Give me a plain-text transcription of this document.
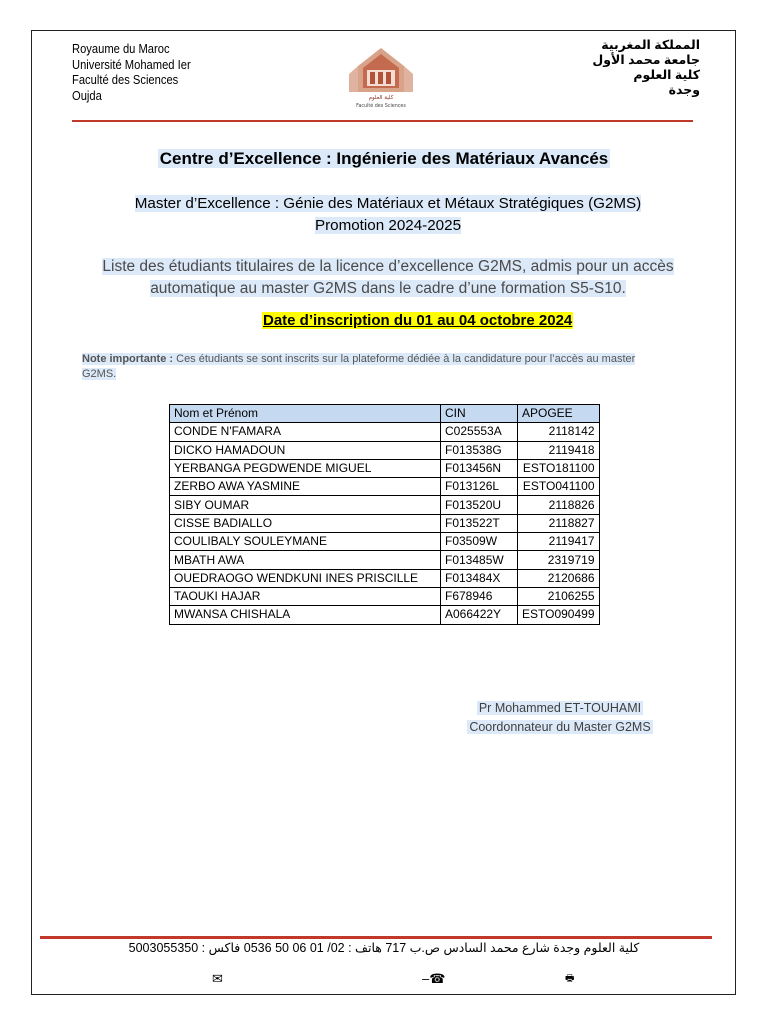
Royaume du Maroc
Université Mohamed Ier
Faculté des Sciences
Oujda	كلية العلوم
Faculté des Sciences
المملكة المغربية
جامعة محمد الأول
كلية العلوم
وجدة
Centre d’Excellence : Ingénierie des Matériaux Avancés
Master d’Excellence : Génie des Matériaux et Métaux Stratégiques (G2MS)
Promotion 2024-2025
Liste des étudiants titulaires de la licence d’excellence G2MS, admis pour un accès
automatique au master G2MS dans le cadre d’une formation S5-S10.
Date d’inscription du 01 au 04 octobre 2024
Note importante : Ces étudiants se sont inscrits sur la plateforme dédiée à la candidature pour l’accès au master
G2MS.
Nom et Prénom	CIN	APOGEE
CONDE N'FAMARA	C025553A	2118142
DICKO HAMADOUN	F013538G	2119418
YERBANGA PEGDWENDE MIGUEL	F013456N	ESTO181100
ZERBO AWA YASMINE	F013126L	ESTO041100
SIBY OUMAR	F013520U	2118826
CISSE BADIALLO	F013522T	2118827
COULIBALY SOULEYMANE	F03509W	2119417
MBATH AWA	F013485W	2319719
OUEDRAOGO WENDKUNI INES PRISCILLE	F013484X	2120686
TAOUKI HAJAR	F678946	2106255
MWANSA CHISHALA	A066422Y	ESTO090499
Pr Mohammed ET-TOUHAMI
Coordonnateur du Master G2MS
كلية العلوم وجدة شارع محمد السادس ص.ب 717 هاتف : 02/ 01 06 50 0536 فاكس : 5003055350
✉	–☎	🖶
